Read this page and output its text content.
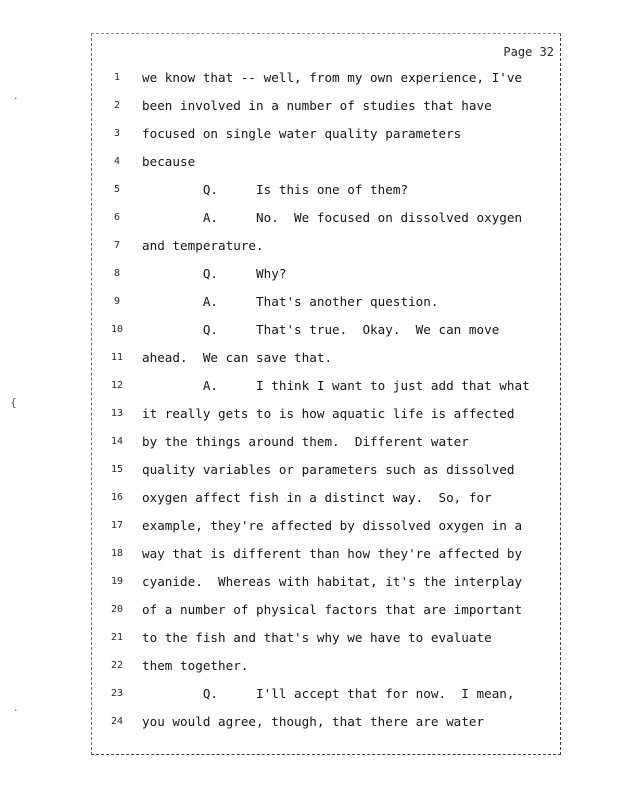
·
{
·
Page 32
1	we know that -- well, from my own experience, I've
2	been involved in a number of studies that have
3	focused on single water quality parameters
4	because
5	Q.     Is this one of them?
6	A.     No.  We focused on dissolved oxygen
7	and temperature.
8	Q.     Why?
9	A.     That's another question.
10	Q.     That's true.  Okay.  We can move
11	ahead.  We can save that.
12	A.     I think I want to just add that what
13	it really gets to is how aquatic life is affected
14	by the things around them.  Different water
15	quality variables or parameters such as dissolved
16	oxygen affect fish in a distinct way.  So, for
17	example, they're affected by dissolved oxygen in a
18	way that is different than how they're affected by
19	cyanide.  Whereas with habitat, it's the interplay
20	of a number of physical factors that are important
21	to the fish and that's why we have to evaluate
22	them together.
23	Q.     I'll accept that for now.  I mean,
24	you would agree, though, that there are water
